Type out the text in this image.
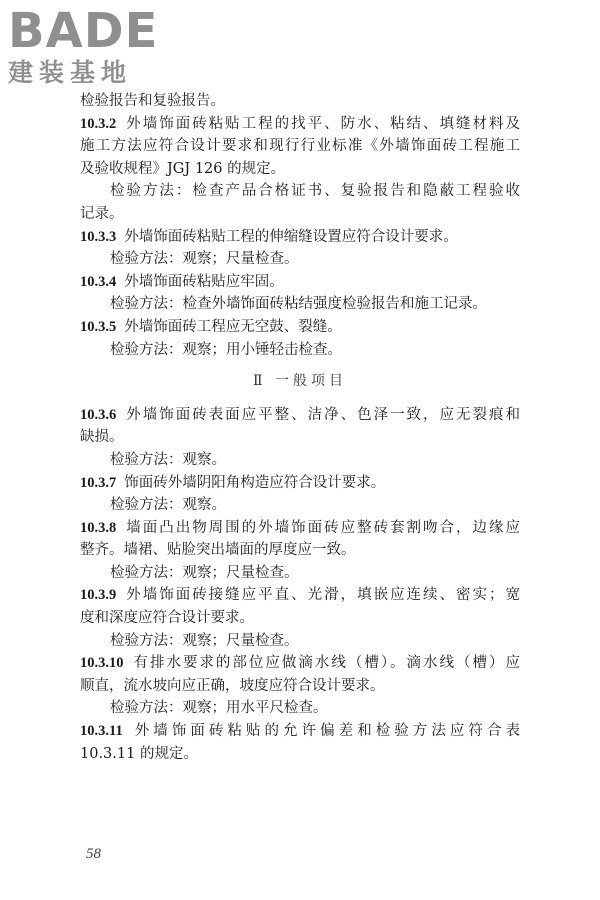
BADE
建装基地
检验报告和复验报告。
10.3.2 外墙饰面砖粘贴工程的找平、防水、粘结、填缝材料及
施工方法应符合设计要求和现行行业标准《外墙饰面砖工程施工
及验收规程》JGJ 126 的规定。
检验方法：检查产品合格证书、复验报告和隐蔽工程验收
记录。
10.3.3 外墙饰面砖粘贴工程的伸缩缝设置应符合设计要求。
检验方法：观察；尺量检查。
10.3.4 外墙饰面砖粘贴应牢固。
检验方法：检查外墙饰面砖粘结强度检验报告和施工记录。
10.3.5 外墙饰面砖工程应无空鼓、裂缝。
检验方法：观察；用小锤轻击检查。
Ⅱ 一般项目
10.3.6 外墙饰面砖表面应平整、洁净、色泽一致，应无裂痕和
缺损。
检验方法：观察。
10.3.7 饰面砖外墙阴阳角构造应符合设计要求。
检验方法：观察。
10.3.8 墙面凸出物周围的外墙饰面砖应整砖套割吻合，边缘应
整齐。墙裙、贴脸突出墙面的厚度应一致。
检验方法：观察；尺量检查。
10.3.9 外墙饰面砖接缝应平直、光滑，填嵌应连续、密实；宽
度和深度应符合设计要求。
检验方法：观察；尺量检查。
10.3.10 有排水要求的部位应做滴水线（槽）。滴水线（槽）应
顺直，流水坡向应正确，坡度应符合设计要求。
检验方法：观察；用水平尺检查。
10.3.11 外墙饰面砖粘贴的允许偏差和检验方法应符合表
10.3.11 的规定。
58
